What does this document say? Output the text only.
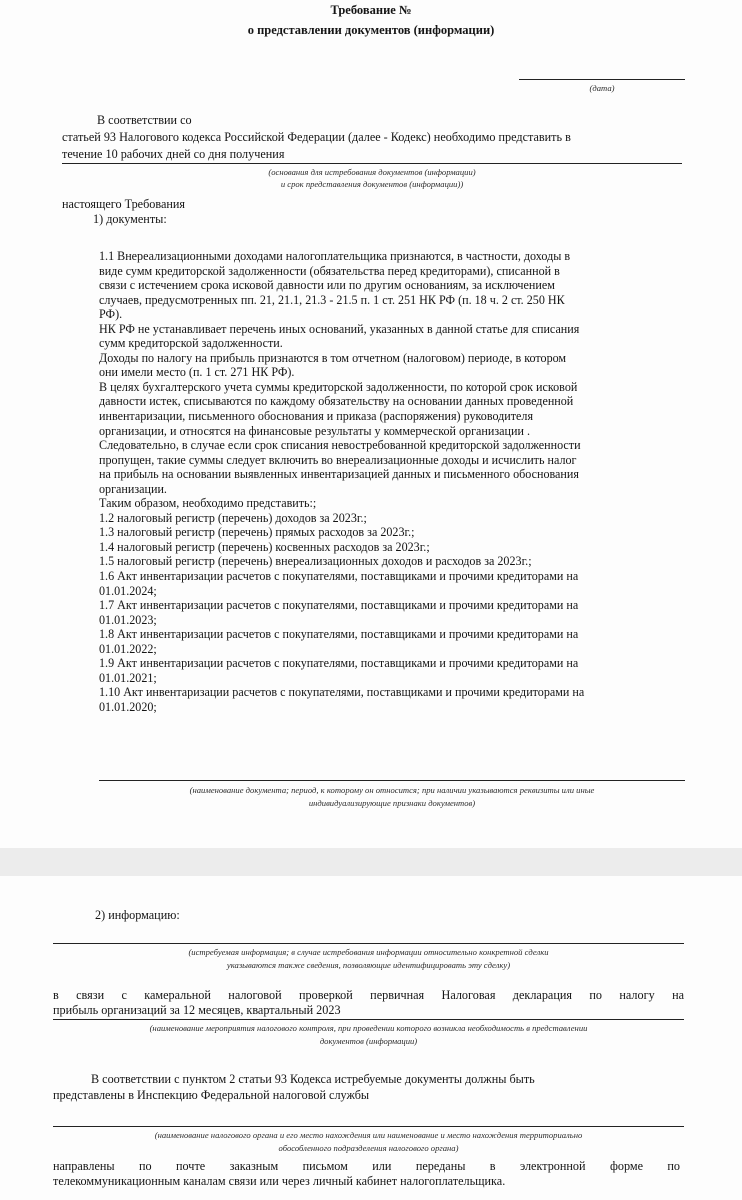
Требование №
о представлении документов (информации)
(дата)
В соответствии со
статьей 93 Налогового кодекса Российской Федерации (далее - Кодекс) необходимо представить в
течение 10 рабочих дней со дня получения
(основания для истребования документов (информации)
и срок представления документов (информации))
настоящего Требования
1) документы:
1.1 Внереализационными доходами налогоплательщика признаются, в частности, доходы в
виде сумм кредиторской задолженности (обязательства перед кредиторами), списанной в
связи с истечением срока исковой давности или по другим основаниям, за исключением
случаев, предусмотренных пп. 21, 21.1, 21.3 - 21.5 п. 1 ст. 251 НК РФ (п. 18 ч. 2 ст. 250 НК
РФ).
НК РФ не устанавливает перечень иных оснований, указанных в данной статье для списания
сумм кредиторской задолженности.
Доходы по налогу на прибыль признаются в том отчетном (налоговом) периоде, в котором
они имели место (п. 1 ст. 271 НК РФ).
В целях бухгалтерского учета суммы кредиторской задолженности, по которой срок исковой
давности истек, списываются по каждому обязательству на основании данных проведенной
инвентаризации, письменного обоснования и приказа (распоряжения) руководителя
организации, и относятся на финансовые результаты у коммерческой организации .
Следовательно, в случае если срок списания невостребованной кредиторской задолженности
пропущен, такие суммы следует включить во внереализационные доходы и исчислить налог
на прибыль на основании выявленных инвентаризацией данных и письменного обоснования
организации.
Таким образом, необходимо представить:;
1.2 налоговый регистр (перечень) доходов за 2023г.;
1.3 налоговый регистр (перечень) прямых расходов за 2023г.;
1.4 налоговый регистр (перечень) косвенных расходов за 2023г.;
1.5 налоговый регистр (перечень) внереализационных доходов и расходов за 2023г.;
1.6 Акт инвентаризации расчетов с покупателями, поставщиками и прочими кредиторами на
01.01.2024;
1.7 Акт инвентаризации расчетов с покупателями, поставщиками и прочими кредиторами на
01.01.2023;
1.8 Акт инвентаризации расчетов с покупателями, поставщиками и прочими кредиторами на
01.01.2022;
1.9 Акт инвентаризации расчетов с покупателями, поставщиками и прочими кредиторами на
01.01.2021;
1.10 Акт инвентаризации расчетов с покупателями, поставщиками и прочими кредиторами на
01.01.2020;
(наименование документа; период, к которому он относится; при наличии указываются реквизиты или иные
индивидуализирующие признаки документов)
2) информацию:
(истребуемая информация; в случае истребования информации относительно конкретной сделки
указываются также сведения, позволяющие идентифицировать эту сделку)
в связи с камеральной налоговой проверкой первичная Налоговая декларация по налогу на
прибыль организаций за 12 месяцев, квартальный 2023
(наименование мероприятия налогового контроля, при проведении которого возникла необходимость в представлении
документов (информации)
В соответствии с пунктом 2 статьи 93 Кодекса истребуемые документы должны быть
представлены в Инспекцию Федеральной налоговой службы
(наименование налогового органа и его место нахождения или наименование и место нахождения территориально
обособленного подразделения налогового органа)
направлены по почте заказным письмом или переданы в электронной форме по
телекоммуникационным каналам связи или через личный кабинет налогоплательщика.
